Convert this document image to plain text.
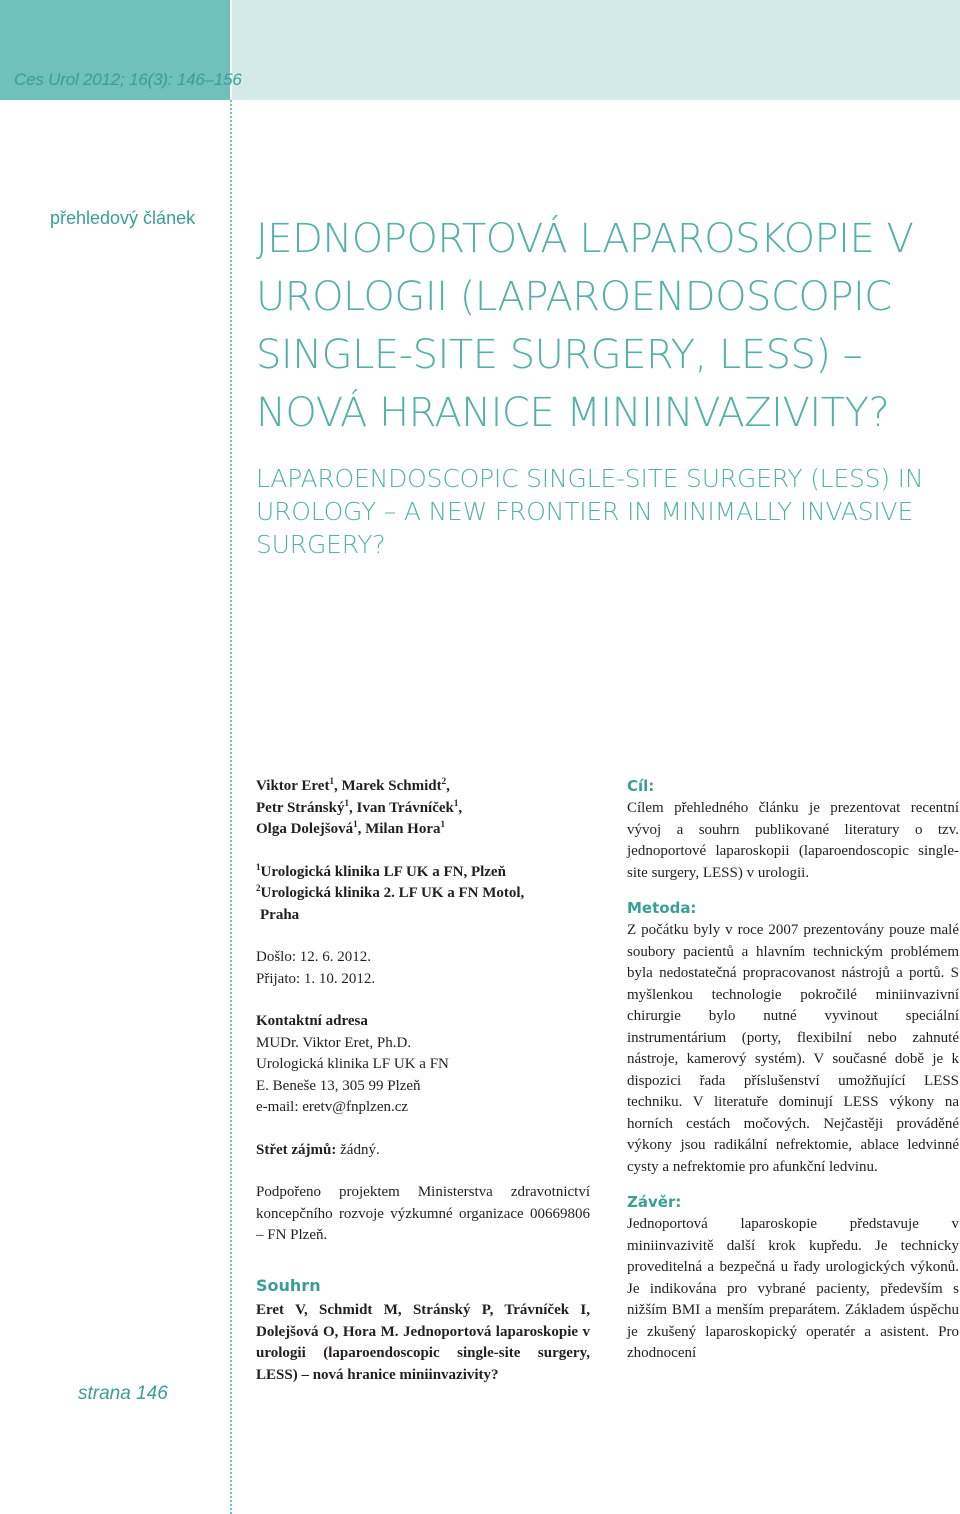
Ces Urol 2012; 16(3): 146–156
přehledový článek
strana 146
JEDNOPORTOVÁ LAPAROSKOPIE V UROLOGII (LAPAROENDOSCOPIC SINGLE-SITE SURGERY, LESS) – NOVÁ HRANICE MINIINVAZIVITY?
LAPAROENDOSCOPIC SINGLE-SITE SURGERY (LESS) IN UROLOGY – A NEW FRONTIER IN MINIMALLY INVASIVE SURGERY?
Viktor Eret$^1$, Marek Schmidt$^2$,
Petr Stránský$^1$, Ivan Trávníček$^1$,
Olga Dolejšová$^1$, Milan Hora$^1$
$^1$Urologická klinika LF UK a FN, Plzeň
$^2$Urologická klinika 2. LF UK a FN Motol,
Praha
Došlo: 12. 6. 2012.
Přijato: 1. 10. 2012.
Kontaktní adresa
MUDr. Viktor Eret, Ph.D.
Urologická klinika LF UK a FN
E. Beneše 13, 305 99 Plzeň
e-mail: eretv@fnplzen.cz
Střet zájmů: žádný.
Podpořeno projektem Ministerstva zdravotnictví koncepčního rozvoje výzkumné organizace 00669806 – FN Plzeň.
Souhrn
Eret V, Schmidt M, Stránský P, Trávníček I, Dolejšová O, Hora M. Jednoportová laparoskopie v urologii (laparoendoscopic single-site surgery, LESS) – nová hranice miniinvazivity?
Cíl:
Cílem přehledného článku je prezentovat recentní vývoj a souhrn publikované literatury o tzv. jednoportové laparoskopii (laparoendoscopic single-site surgery, LESS) v urologii.
Metoda:
Z počátku byly v roce 2007 prezentovány pouze malé soubory pacientů a hlavním technickým problémem byla nedostatečná propracovanost nástrojů a portů. S myšlenkou technologie pokročilé miniinvazivní chirurgie bylo nutné vyvinout speciální instrumentárium (porty, flexibilní nebo zahnuté nástroje, kamerový systém). V současné době je k dispozici řada příslušenství umožňující LESS techniku. V literatuře dominují LESS výkony na horních cestách močových. Nejčastěji prováděné výkony jsou radikální nefrektomie, ablace ledvinné cysty a nefrektomie pro afunkční ledvinu.
Závěr:
Jednoportová laparoskopie představuje v miniinvazivitě další krok kupředu. Je technicky proveditelná a bezpečná u řady urologických výkonů. Je indikována pro vybrané pacienty, především s nižším BMI a menším preparátem. Základem úspěchu je zkušený laparoskopický operatér a asistent. Pro zhodnocení
